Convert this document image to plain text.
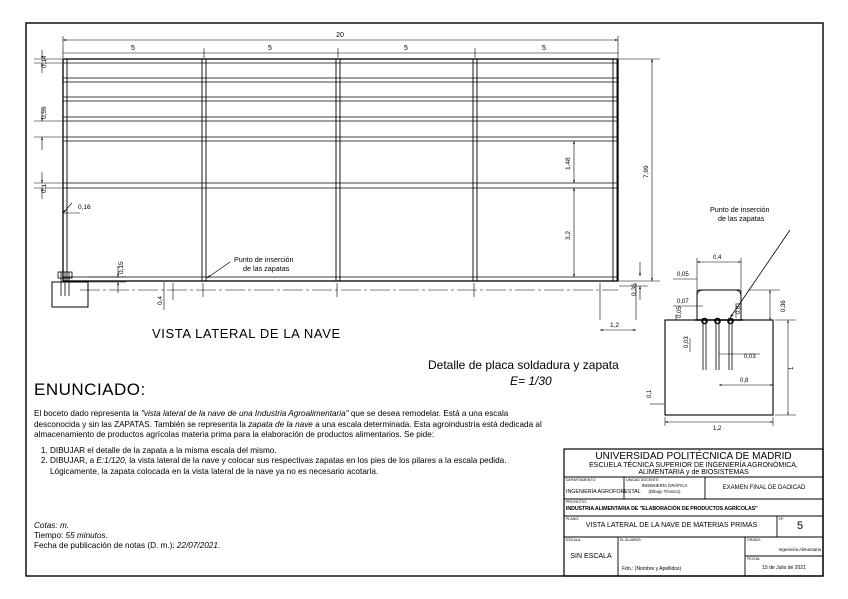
20
5	5	5	5
0,14
0,59
0,1
0,16
0,15
0,4
1,48
3,2
7,99
0,36
1,2
Punto de inserción
de las zapatas
Punto de inserción
de las zapatas
0,4
0,05
0,07
0,01	0,36
0,05
0,03
0,03
1
0,8
0,1
1,2
VISTA LATERAL DE LA NAVE
Detalle de placa soldadura y zapata
E= 1/30
ENUNCIADO:

El boceto dado representa la "vista lateral de la nave de una Industria Agroalimentaria" que se desea remodelar. Está a una escala desconocida y sin las ZAPATAS. También se representa la zapata de la nave a una escala determinada. Esta agroindustria está dedicada al almacenamiento de productos agrícolas materia prima para la elaboración de productos alimentarios. Se pide:

1. DIBUJAR el detalle de la zapata a la misma escala del mismo.
2. DIBUJAR, a E:1/120, la vista lateral de la nave y colocar sus respectivas zapatas en los pies de los pilares a la escala pedida. Lógicamente, la zapata colocada en la vista lateral de la nave ya no es necesario acotarla.
Cotas: m.
Tiempo: 55 minutos.
Fecha de publicación de notas (D. m.): 22/07/2021.
UNIVERSIDAD POLITÉCNICA DE MADRID
ESCUELA TÉCNICA SUPERIOR DE INGENIERÍA AGRONÓMICA,
ALIMENTARIA y de BIOSISTEMAS
DEPARTAMENTO:
INGENIERÍA AGROFORESTAL
UNIDAD DOCENTE:
INGENIERÍA GRÁFICA
(Dibujo Técnico)
EXAMEN FINAL DE DAOICAD
PROYECTO:
INDUSTRIA ALIMENTARIA DE "ELABORACIÓN DE PRODUCTOS AGRÍCOLAS"
PLANO:
VISTA LATERAL DE LA NAVE DE MATERIAS PRIMAS
Nº:
5
ESCALA:
SIN ESCALA
EL ALUMNO:
Fdo.: (Nombre y Apellidos)
GRADO:
Ingeniería Alimentaria
FECHA:
15 de Julio de 2021
